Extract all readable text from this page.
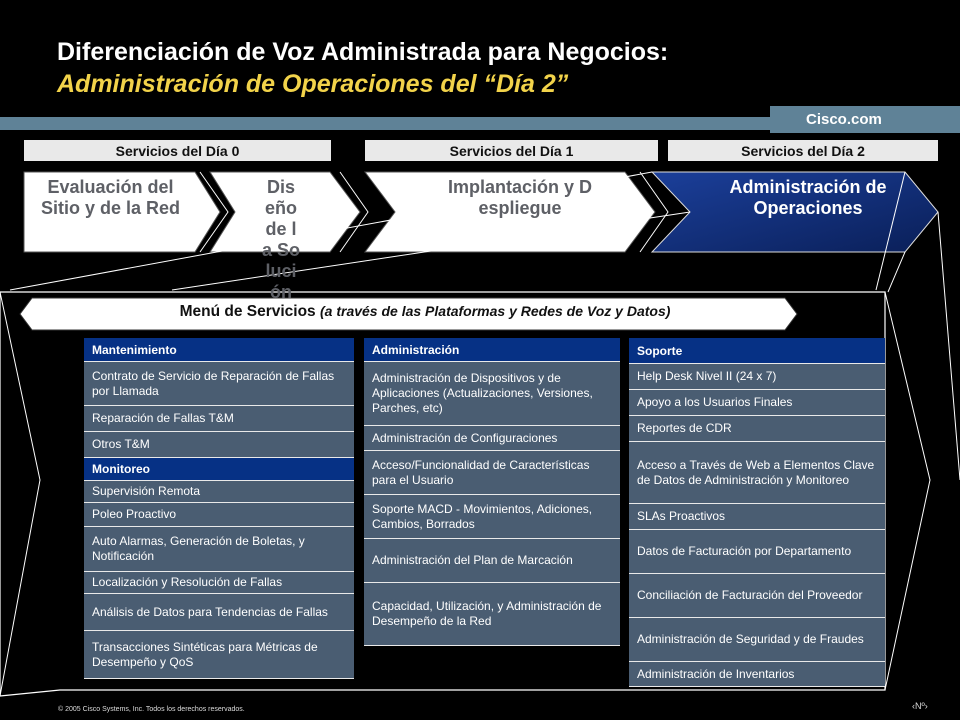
Diferenciación de Voz Administrada para Negocios:
Administración de Operaciones del “Día 2”
Cisco.com
Servicios del Día 0	Servicios del Día 1	Servicios del Día 2
Evaluación del Sitio y de la Red
Diseño de la Solución
Implantación y Despliegue
Administración de Operaciones
Menú de Servicios (a través de las Plataformas y Redes de Voz y Datos)
Mantenimiento
Contrato de Servicio de Reparación de Fallas por Llamada
Reparación de Fallas T&M
Otros T&M
Monitoreo
Supervisión Remota
Poleo Proactivo
Auto Alarmas, Generación de Boletas, y Notificación
Localización y Resolución de Fallas
Análisis de Datos para Tendencias de Fallas
Transacciones Sintéticas para Métricas de Desempeño y QoS
Administración
Administración de Dispositivos y de Aplicaciones (Actualizaciones, Versiones, Parches, etc)
Administración de Configuraciones
Acceso/Funcionalidad de Características para el Usuario
Soporte MACD - Movimientos, Adiciones, Cambios, Borrados
Administración del Plan de Marcación
Capacidad, Utilización, y Administración de Desempeño de la Red
Soporte
Help Desk Nivel II (24 x 7)
Apoyo a los Usuarios Finales
Reportes de CDR
Acceso a Través de Web a Elementos Clave de Datos de Administración y Monitoreo
SLAs Proactivos
Datos de Facturación por Departamento
Conciliación de Facturación del Proveedor
Administración de Seguridad y de Fraudes
Administración de Inventarios
© 2005 Cisco Systems, Inc. Todos los derechos reservados.	‹Nº›
